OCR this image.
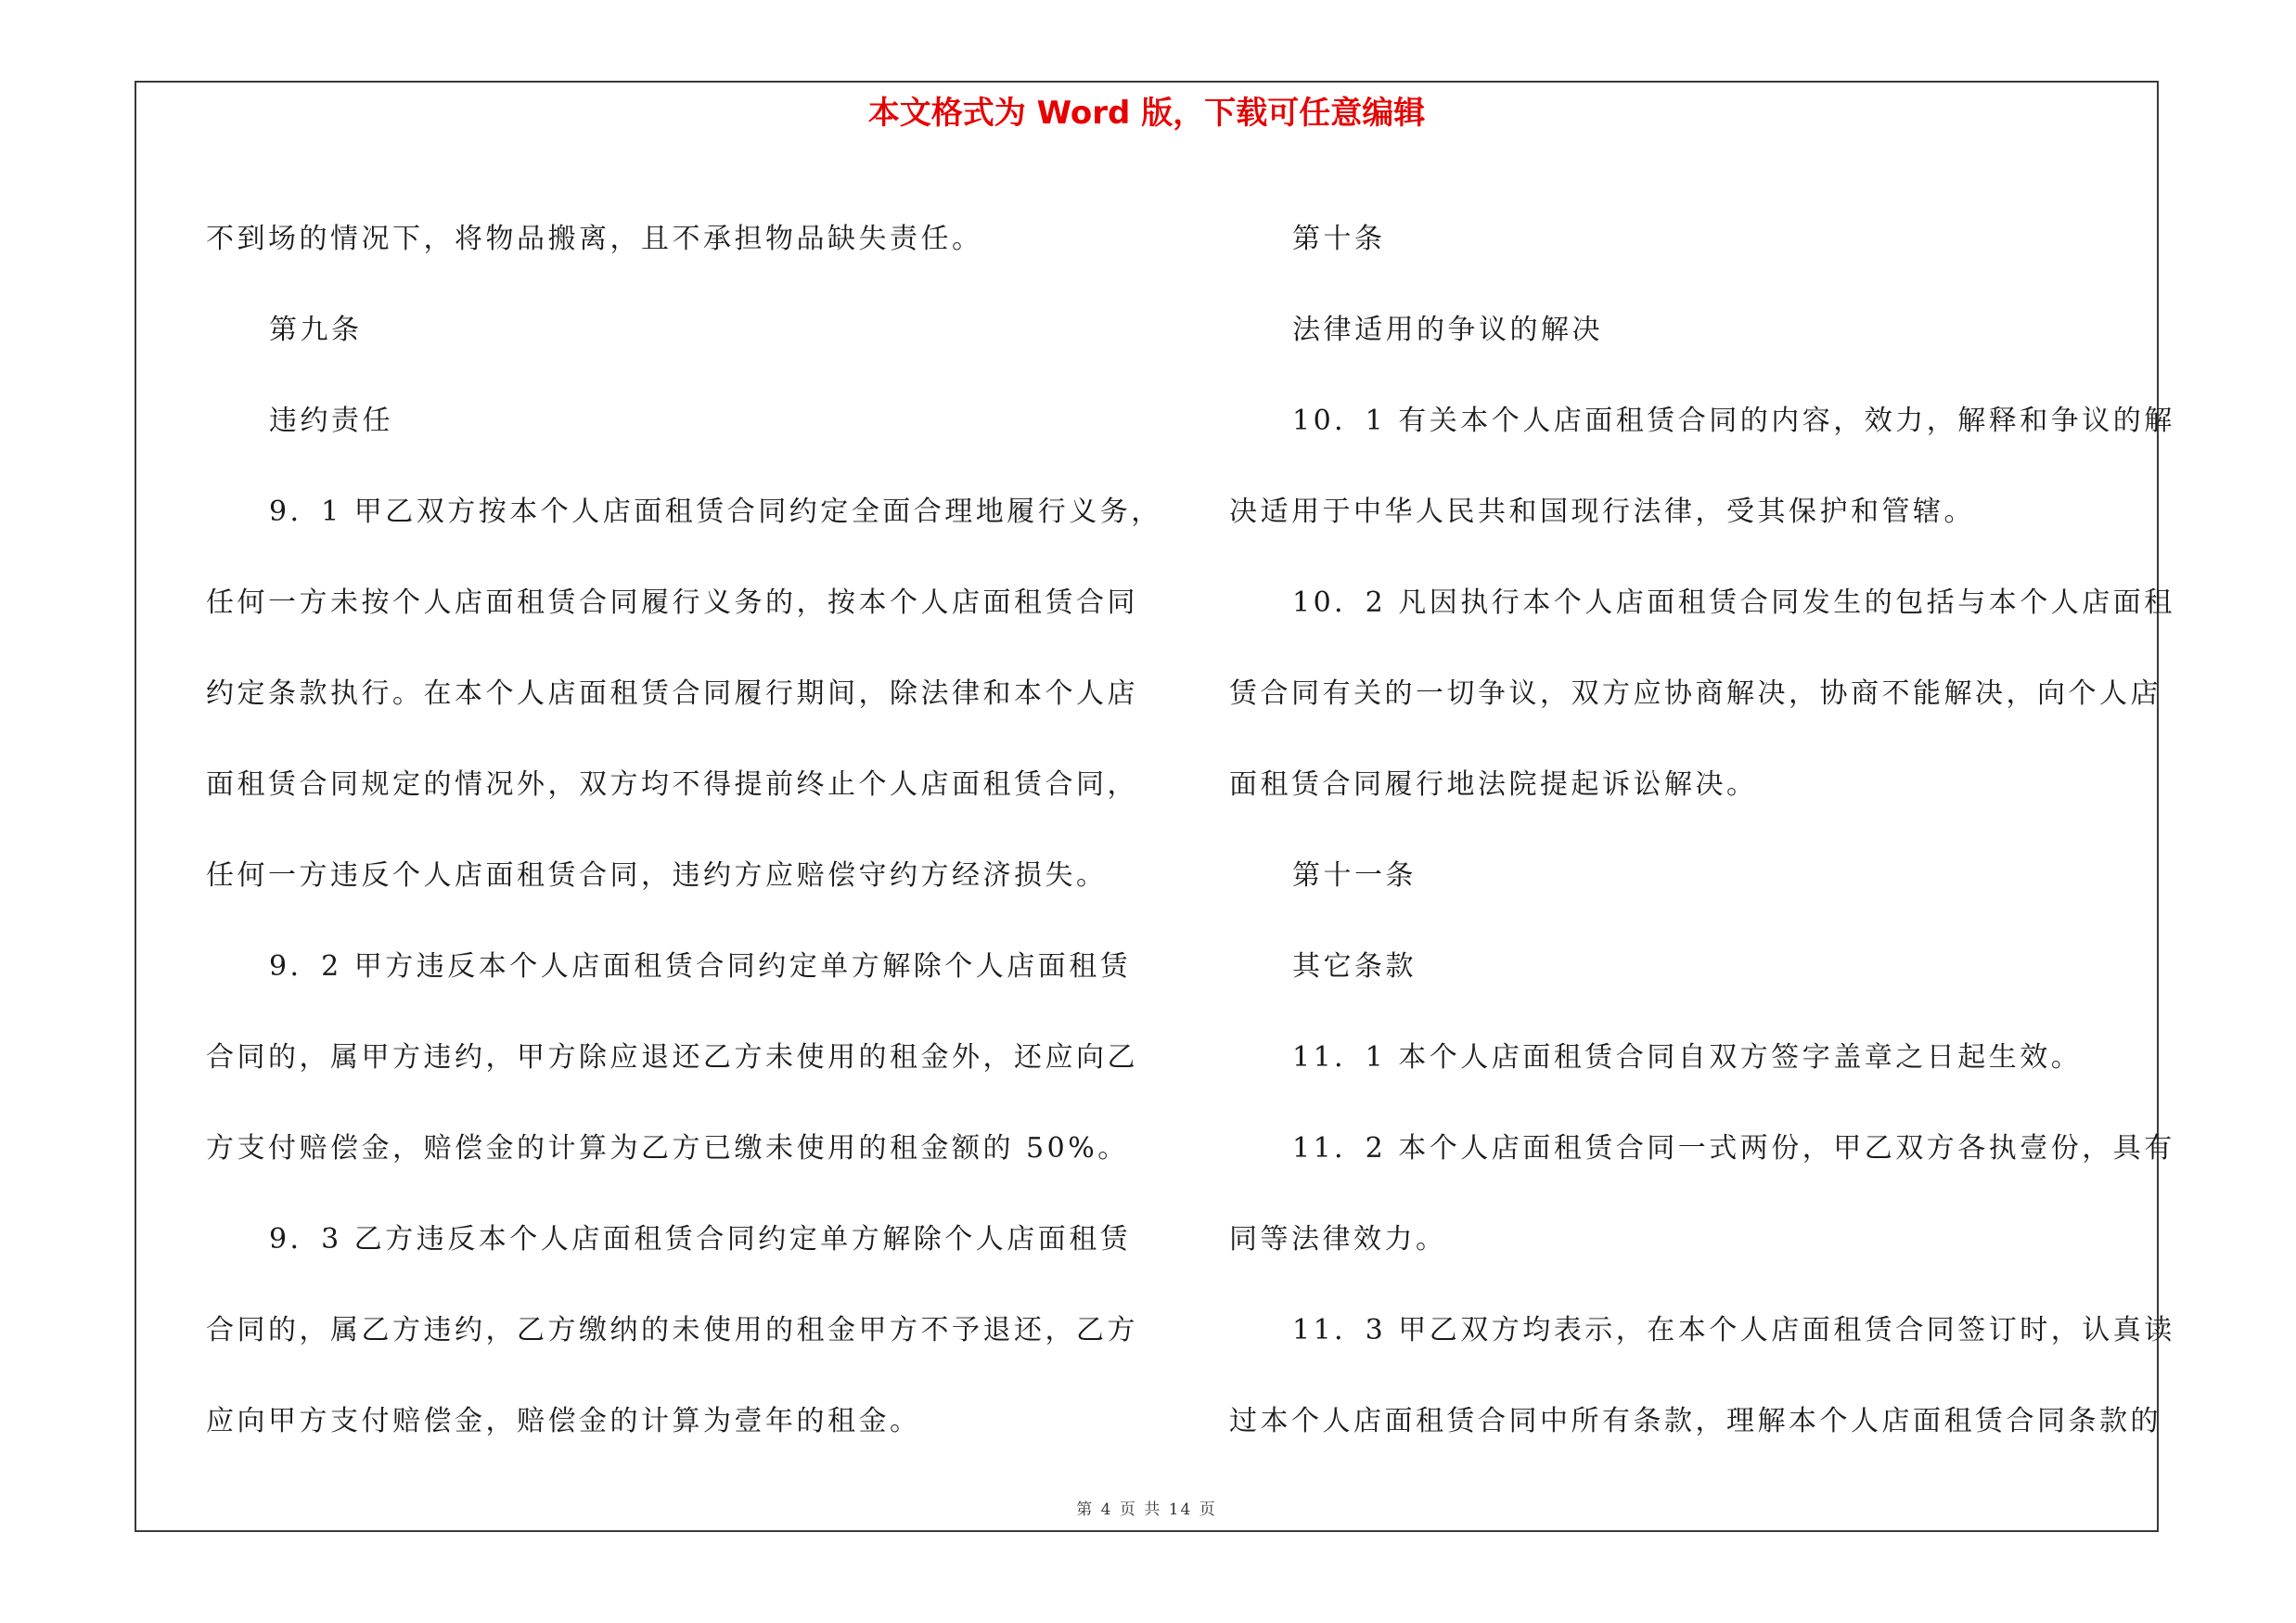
本文格式为 Word 版，下载可任意编辑
不到场的情况下，将物品搬离，且不承担物品缺失责任。
第九条
违约责任
9．1 甲乙双方按本个人店面租赁合同约定全面合理地履行义务，
任何一方未按个人店面租赁合同履行义务的，按本个人店面租赁合同
约定条款执行。在本个人店面租赁合同履行期间，除法律和本个人店
面租赁合同规定的情况外，双方均不得提前终止个人店面租赁合同，
任何一方违反个人店面租赁合同，违约方应赔偿守约方经济损失。
9．2 甲方违反本个人店面租赁合同约定单方解除个人店面租赁
合同的，属甲方违约，甲方除应退还乙方未使用的租金外，还应向乙
方支付赔偿金，赔偿金的计算为乙方已缴未使用的租金额的 50%。
9．3 乙方违反本个人店面租赁合同约定单方解除个人店面租赁
合同的，属乙方违约，乙方缴纳的未使用的租金甲方不予退还，乙方
应向甲方支付赔偿金，赔偿金的计算为壹年的租金。
第十条
法律适用的争议的解决
10．1 有关本个人店面租赁合同的内容，效力，解释和争议的解
决适用于中华人民共和国现行法律，受其保护和管辖。
10．2 凡因执行本个人店面租赁合同发生的包括与本个人店面租
赁合同有关的一切争议，双方应协商解决，协商不能解决，向个人店
面租赁合同履行地法院提起诉讼解决。
第十一条
其它条款
11．1 本个人店面租赁合同自双方签字盖章之日起生效。
11．2 本个人店面租赁合同一式两份，甲乙双方各执壹份，具有
同等法律效力。
11．3 甲乙双方均表示，在本个人店面租赁合同签订时，认真读
过本个人店面租赁合同中所有条款，理解本个人店面租赁合同条款的
第 4 页 共 14 页
